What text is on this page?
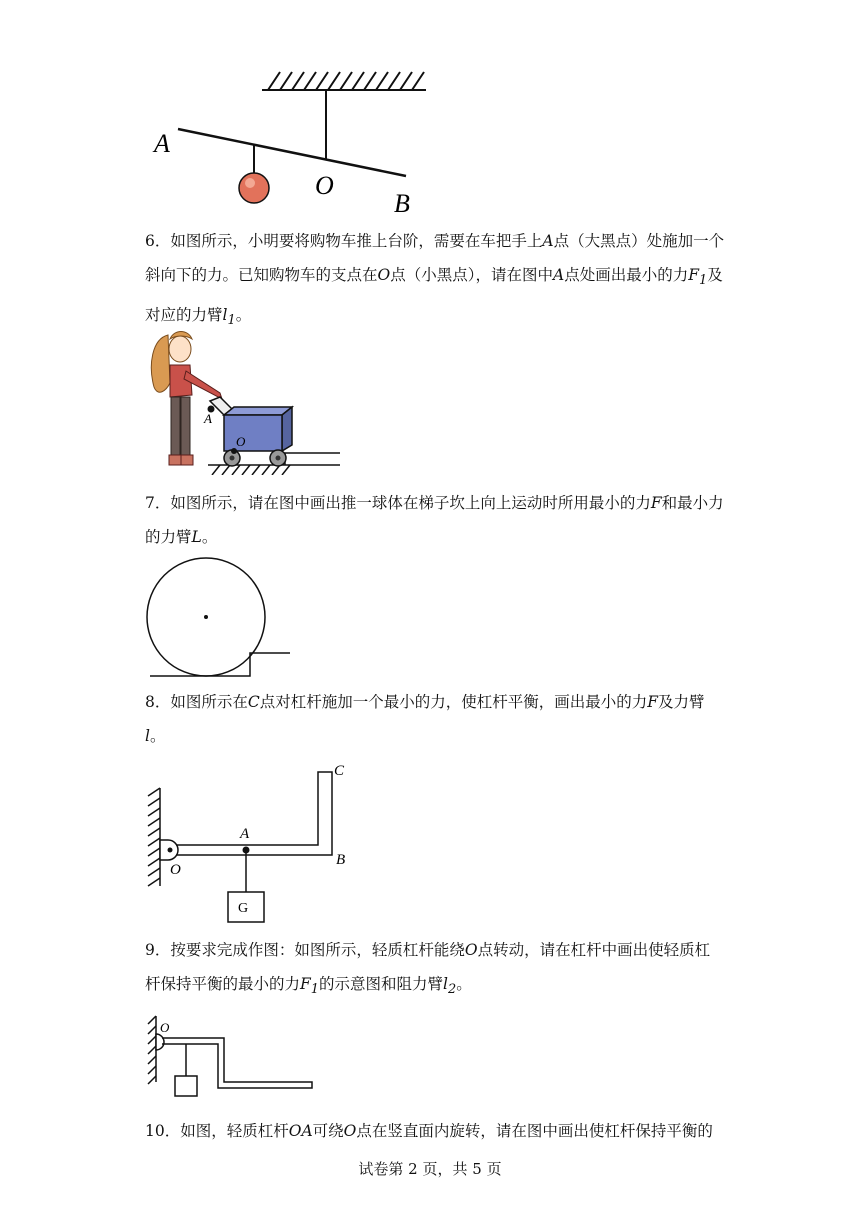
A
O
B

6．如图所示，小明要将购物车推上台阶，需要在车把手上A点（大黑点）处施加一个斜向下的力。已知购物车的支点在O点（小黑点），请在图中A点处画出最小的力$F_1$及对应的力臂$l_1$。

A
O

7．如图所示，请在图中画出推一球体在梯子坎上向上运动时所用最小的力F和最小力的力臂L。

8．如图所示在C点对杠杆施加一个最小的力，使杠杆平衡，画出最小的力F及力臂l。

G
A
C
B
O

9．按要求完成作图：如图所示，轻质杠杆能绕O点转动，请在杠杆中画出使轻质杠杆保持平衡的最小的力$F_1$的示意图和阻力臂$l_2$。

O

10．如图，轻质杠杆OA可绕O点在竖直面内旋转，请在图中画出使杠杆保持平衡的

试卷第 2 页，共 5 页
